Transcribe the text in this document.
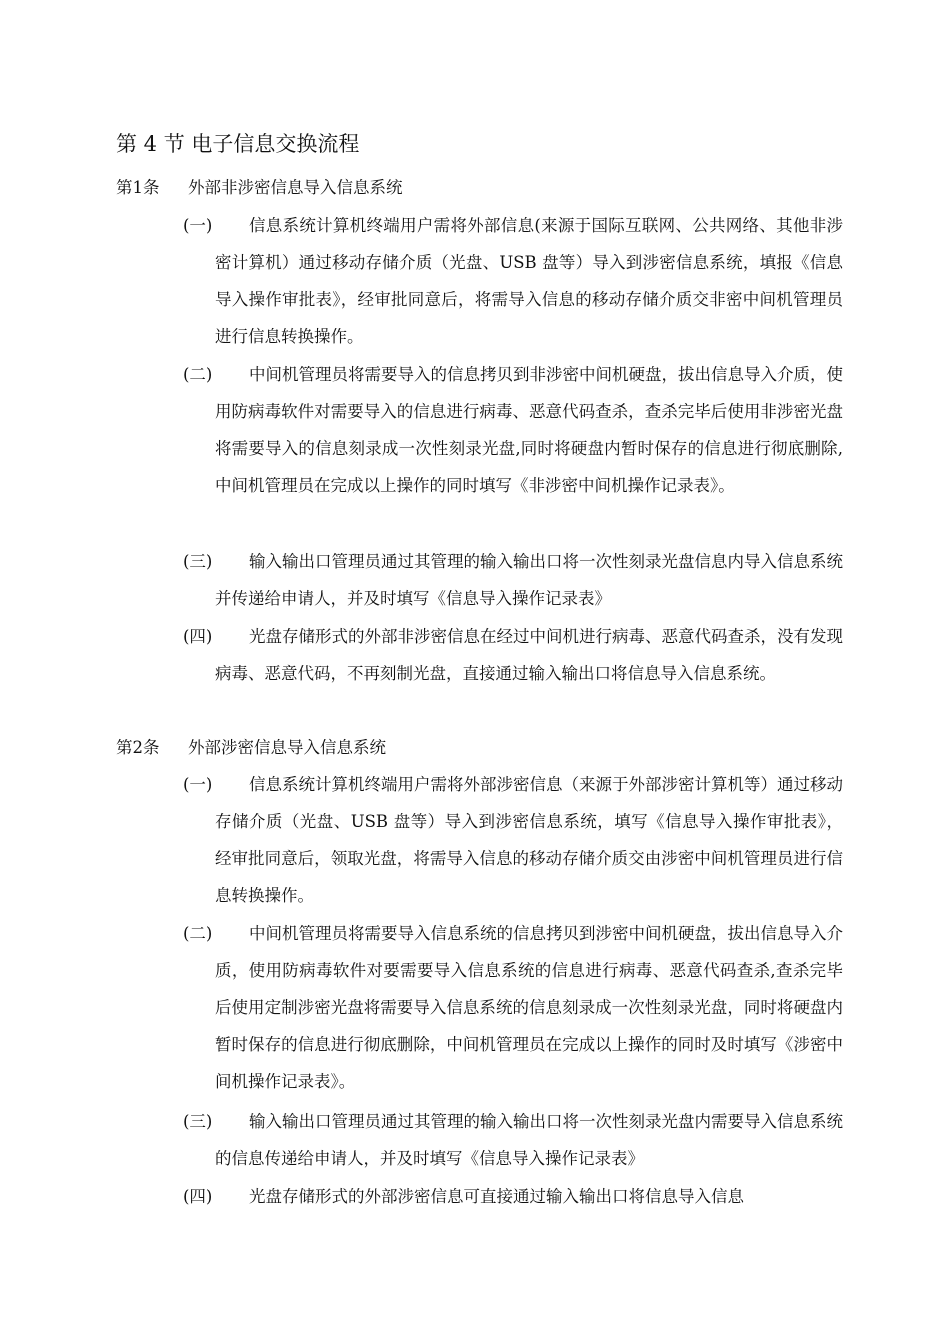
第 4 节 电子信息交换流程
第1条 外部非涉密信息导入信息系统
(一)	信息系统计算机终端用户需将外部信息(来源于国际互联网、公共网络、其他非涉密计算机）通过移动存储介质（光盘、USB 盘等）导入到涉密信息系统，填报《信息导入操作审批表》，经审批同意后，将需导入信息的移动存储介质交非密中间机管理员进行信息转换操作。
(二)	中间机管理员将需要导入的信息拷贝到非涉密中间机硬盘，拔出信息导入介质，使用防病毒软件对需要导入的信息进行病毒、恶意代码查杀，查杀完毕后使用非涉密光盘将需要导入的信息刻录成一次性刻录光盘,同时将硬盘内暂时保存的信息进行彻底删除,中间机管理员在完成以上操作的同时填写《非涉密中间机操作记录表》。
(三)	输入输出口管理员通过其管理的输入输出口将一次性刻录光盘信息内导入信息系统并传递给申请人，并及时填写《信息导入操作记录表》
(四)	光盘存储形式的外部非涉密信息在经过中间机进行病毒、恶意代码查杀，没有发现病毒、恶意代码，不再刻制光盘，直接通过输入输出口将信息导入信息系统。
第2条 外部涉密信息导入信息系统
(一)	信息系统计算机终端用户需将外部涉密信息（来源于外部涉密计算机等）通过移动存储介质（光盘、USB 盘等）导入到涉密信息系统，填写《信息导入操作审批表》，经审批同意后，领取光盘，将需导入信息的移动存储介质交由涉密中间机管理员进行信息转换操作。
(二)	中间机管理员将需要导入信息系统的信息拷贝到涉密中间机硬盘，拔出信息导入介质，使用防病毒软件对要需要导入信息系统的信息进行病毒、恶意代码查杀,查杀完毕后使用定制涉密光盘将需要导入信息系统的信息刻录成一次性刻录光盘，同时将硬盘内暂时保存的信息进行彻底删除，中间机管理员在完成以上操作的同时及时填写《涉密中间机操作记录表》。
(三)	输入输出口管理员通过其管理的输入输出口将一次性刻录光盘内需要导入信息系统的信息传递给申请人，并及时填写《信息导入操作记录表》
(四)	光盘存储形式的外部涉密信息可直接通过输入输出口将信息导入信息
